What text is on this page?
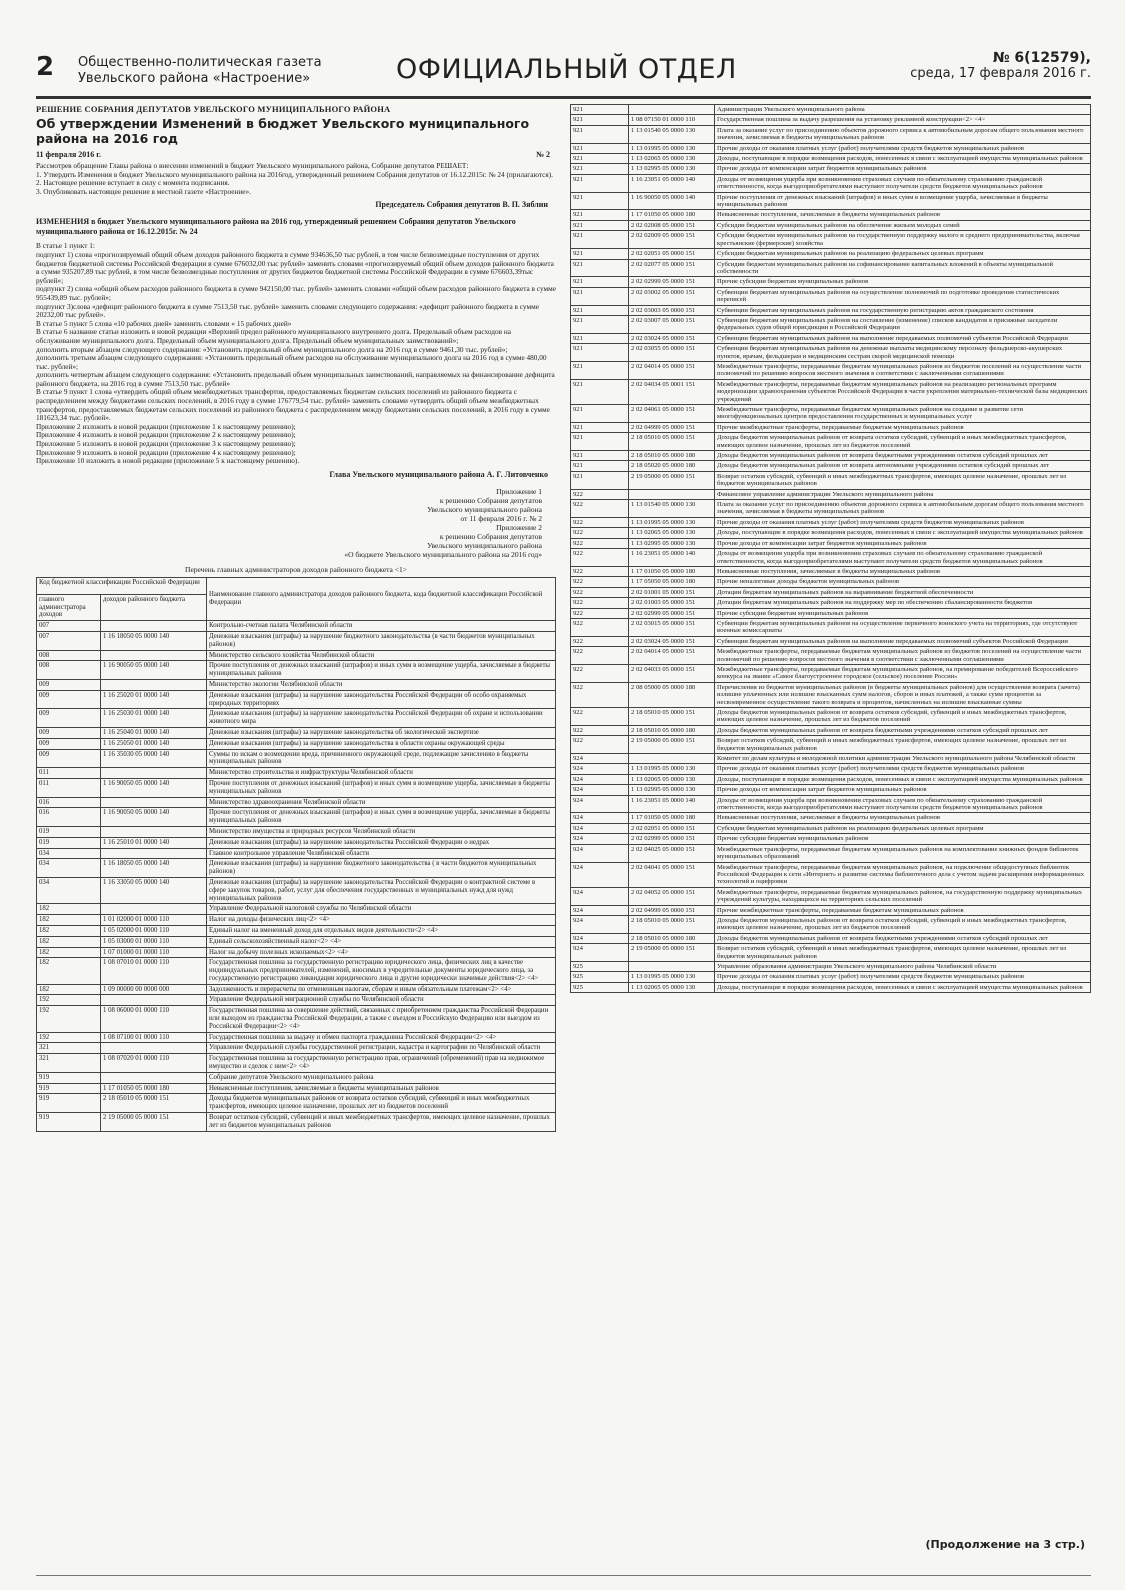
2 Общественно-политическая газета
Увельского района «Настроение»	ОФИЦИАЛЬНЫЙ ОТДЕЛ	№ 6(12579),
среда, 17 февраля 2016 г.
РЕШЕНИЕ СОБРАНИЯ ДЕПУТАТОВ УВЕЛЬСКОГО МУНИЦИПАЛЬНОГО РАЙОНА
Об утверждении Изменений в бюджет Увельского муниципального района на 2016 год
11 февраля 2016 г.	№ 2

Рассмотрев обращение Главы района о внесении изменений в бюджет Увельского муниципального района, Собрание депутатов РЕШАЕТ:

1. Утвердить Изменения в бюджет Увельского муниципального района на 2016год, утвержденный решением Собрания депутатов от 16.12.2015г. № 24 (прилагаются).

2. Настоящее решение вступает в силу с момента подписания.

3. Опубликовать настоящее решение в местной газете «Настроение».

Председатель Собрания депутатов В. П. Зяблин
ИЗМЕНЕНИЯ в бюджет Увельского муниципального района на 2016 год, утвержденный решением Собрания депутатов Увельского муниципального района от 16.12.2015г. № 24

В статье 1 пункт 1:

подпункт 1) слова «прогнозируемый общий объем доходов районного бюджета в сумме 934636,50 тыс рублей, в том числе безвозмездные поступления от других бюджетов бюджетной системы Российской Федерации в сумме 676032,00 тыс рублей» заменить словами «прогнозируемый общий объем доходов районного бюджета в сумме 935207,89 тыс рублей, в том числе безвозмездные поступления от других бюджетов бюджетной системы Российской Федерации в сумме 676603,39тыс рублей»;

подпункт 2) слова «общий объем расходов районного бюджета в сумме 942150,00 тыс. рублей» заменить словами «общий объем расходов районного бюджета в сумме 955439,89 тыс. рублей»;

подпункт 3)слова «дефицит районного бюджета в сумме 7513,50 тыс. рублей» заменить словами следующего содержания: «дефицит районного бюджета в сумме 20232,00 тыс рублей».

В статье 5 пункт 5 слова «10 рабочих дней» заменить словами « 15 рабочих дней»

В статье 6 название статьи изложить в новой редакции «Верхний предел районного муниципального внутреннего долга. Предельный объем расходов на обслуживание муниципального долга. Предельный объем муниципального долга. Предельный объем муниципальных заимствований»;

дополнить вторым абзацем следующего содержания: «Установить предельный объем муниципального долга на 2016 год в сумме 9461,30 тыс. рублей»;

дополнить третьим абзацем следующего содержания: «Установить предельный объем расходов на обслуживание муниципального долга на 2016 год в сумме 480,00 тыс. рублей»;

дополнить четвертым абзацем следующего содержания: «Установить предельный объем муниципальных заимствований, направляемых на финансирование дефицита районного бюджета, на 2016 год в сумме 7513,50 тыс. рублей»

В статье 9 пункт 1 слова «утвердить общий объем межбюджетных трансфертов, предоставляемых бюджетам сельских поселений из районного бюджета с распределением между бюджетами сельских поселений, в 2016 году в сумме 176779,54 тыс. рублей» заменить словами «утвердить общий объем межбюджетных трансфертов, предоставляемых бюджетам сельских поселений из районного бюджета с распределением между бюджетами сельских поселений, в 2016 году в сумме 181623,34 тыс. рублей».

Приложение 2 изложить в новой редакции (приложение 1 к настоящему решению);

Приложение 4 изложить в новой редакции (приложение 2 к настоящему решению);

Приложение 5 изложить в новой редакции (приложение 3 к настоящему решению);

Приложение 9 изложить в новой редакции (приложение 4 к настоящему решению);

Приложение 10 изложить в новой редакции (приложение 5 к настоящему решению).

Глава Увельского муниципального района А. Г. Литовченко
Приложение 1
к решению Собрания депутатов
Увельского муниципального района
от 11 февраля 2016 г. № 2
Приложение 2
к решению Собрания депутатов
Увельского муниципального района
«О бюджете Увельского муниципального района на 2016 год»
Перечень главных администраторов доходов районного бюджета <1>
Код бюджетной классификации Российской Федерации		Наименование главного администратора доходов районного бюджета, кода бюджетной классификации Российской Федерации
главного администратора доходов	доходов районного бюджета	
007		Контрольно-счетная палата Челябинской области
007	1 16 18050 05 0000 140	Денежные взыскания (штрафы) за нарушение бюджетного законодательства (в части бюджетов муниципальных районов)
008		Министерство сельского хозяйства Челябинской области
008	1 16 90050 05 0000 140	Прочие поступления от денежных взысканий (штрафов) и иных сумм в возмещение ущерба, зачисляемые в бюджеты муниципальных районов
009		Министерство экологии Челябинской области
009	1 16 25020 01 0000 140	Денежные взыскания (штрафы) за нарушение законодательства Российской Федерации об особо охраняемых природных территориях
009	1 16 25030 01 0000 140	Денежные взыскания (штрафы) за нарушение законодательства Российской Федерации об охране и использовании животного мира
009	1 16 25040 01 0000 140	Денежные взыскания (штрафы) за нарушение законодательства об экологической экспертизе
009	1 16 25050 01 0000 140	Денежные взыскания (штрафы) за нарушение законодательства в области охраны окружающей среды
009	1 16 35030 05 0000 140	Суммы по искам о возмещении вреда, причиненного окружающей среде, подлежащие зачислению в бюджеты муниципальных районов
011		Министерство строительства и инфраструктуры Челябинской области
011	1 16 90050 05 0000 140	Прочие поступления от денежных взысканий (штрафов) и иных сумм в возмещение ущерба, зачисляемые в бюджеты муниципальных районов
016		Министерство здравоохранения Челябинской области
016	1 16 90050 05 0000 140	Прочие поступления от денежных взысканий (штрафов) и иных сумм в возмещение ущерба, зачисляемые в бюджеты муниципальных районов
019		Министерство имущества и природных ресурсов Челябинской области
019	1 16 25010 01 0000 140	Денежные взыскания (штрафы) за нарушение законодательства Российской Федерации о недрах
034		Главное контрольное управление Челябинской области
034	1 16 18050 05 0000 140	Денежные взыскания (штрафы) за нарушение бюджетного законодательства ( в части бюджетов муниципальных районов)
034	1 16 33050 05 0000 140	Денежные взыскания (штрафы) за нарушение законодательства Российской Федерации о контрактной системе в сфере закупок товаров, работ, услуг для обеспечения государственных и муниципальных нужд для нужд муниципальных районов
182		Управление Федеральной налоговой службы по Челябинской области
182	1 01 02000 01 0000 110	Налог на доходы физических лиц<2> <4>
182	1 05 02000 01 0000 110	Единый налог на вмененный доход для отдельных видов деятельности<2> <4>
182	1 05 03000 01 0000 110	Единый сельскохозяйственный налог<2> <4>
182	1 07 01000 01 0000 110	Налог на добычу полезных ископаемых<2> <4>
182	1 08 07010 01 0000 110	Государственная пошлина за государственную регистрацию юридического лица, физических лиц в качестве индивидуальных предпринимателей, изменений, вносимых в учредительные документы юридического лица, за государственную регистрацию ликвидации юридического лица и другие юридически значимые действия<2> <4>
182	1 09 00000 00 0000 000	Задолженность и перерасчеты по отмененным налогам, сборам и иным обязательным платежам<2> <4>
192		Управление Федеральной миграционной службы по Челябинской области
192	1 08 06000 01 0000 110	Государственная пошлина за совершение действий, связанных с приобретением гражданства Российской Федерации или выходом из гражданства Российской Федерации, а также с въездом в Российскую Федерацию или выездом из Российской Федерации<2> <4>
192	1 08 07100 01 0000 110	Государственная пошлина за выдачу и обмен паспорта гражданина Российской Федерации<2> <4>
321		Управление Федеральной службы государственной регистрации, кадастра и картографии по Челябинской области
321	1 08 07020 01 0000 110	Государственная пошлина за государственную регистрацию прав, ограничений (обременений) прав на недвижимое имущество и сделок с ним<2> <4>
919		Собрание депутатов Увельского муниципального района
919	1 17 01050 05 0000 180	Невыясненные поступления, зачисляемые в бюджеты муниципальных районов
919	2 18 05010 05 0000 151	Доходы бюджетов муниципальных районов от возврата остатков субсидий, субвенций и иных межбюджетных трансфертов, имеющих целевое назначение, прошлых лет из бюджетов поселений
919	2 19 05000 05 0000 151	Возврат остатков субсидий, субвенций и иных межбюджетных трансфертов, имеющих целевое назначение, прошлых лет из бюджетов муниципальных районов
921		Администрация Увельского муниципального района
921	1 08 07150 01 0000 110	Государственная пошлина за выдачу разрешения на установку рекламной конструкции<2> <4>
921	1 13 01540 05 0000 130	Плата за оказание услуг по присоединению объектов дорожного сервиса к автомобильным дорогам общего пользования местного значения, зачисляемая в бюджеты муниципальных районов
921	1 13 01995 05 0000 130	Прочие доходы от оказания платных услуг (работ) получателями средств бюджетов муниципальных районов
921	1 13 02065 05 0000 130	Доходы, поступающие в порядке возмещения расходов, понесенных в связи с эксплуатацией имущества муниципальных районов
921	1 13 02995 05 0000 130	Прочие доходы от компенсации затрат бюджетов муниципальных районов
921	1 16 23051 05 0000 140	Доходы от возмещения ущерба при возникновении страховых случаев по обязательному страхованию гражданской ответственности, когда выгодоприобретателями выступают получатели средств бюджетов муниципальных районов
921	1 16 90050 05 0000 140	Прочие поступления от денежных взысканий (штрафов) и иных сумм в возмещение ущерба, зачисляемые в бюджеты муниципальных районов
921	1 17 01050 05 0000 180	Невыясненные поступления, зачисляемые в бюджеты муниципальных районов
921	2 02 02008 05 0000 151	Субсидии бюджетам муниципальных районов на обеспечение жильем молодых семей
921	2 02 02009 05 0000 151	Субсидии бюджетам муниципальных районов на государственную поддержку малого и среднего предпринимательства, включая крестьянские (фермерские) хозяйства
921	2 02 02051 05 0000 151	Субсидии бюджетам муниципальных районов на реализацию федеральных целевых программ
921	2 02 02077 05 0000 151	Субсидии бюджетам муниципальных районов на софинансирование капитальных вложений в объекты муниципальной собственности
921	2 02 02999 05 0000 151	Прочие субсидии бюджетам муниципальных районов
921	2 02 03002 05 0000 151	Субвенции бюджетам муниципальных районов на осуществление полномочий по подготовке проведения статистических переписей
921	2 02 03003 05 0000 151	Субвенции бюджетам муниципальных районов на государственную регистрацию актов гражданского состояния
921	2 02 03007 05 0000 151	Субвенции бюджетам муниципальных районов на составление (изменение) списков кандидатов в присяжные заседатели федеральных судов общей юрисдикции в Российской Федерации
921	2 02 03024 05 0000 151	Субвенции бюджетам муниципальных районов на выполнение передаваемых полномочий субъектов Российской Федерации
921	2 02 03055 05 0000 151	Субвенции бюджетам муниципальных районов на денежные выплаты медицинскому персоналу фельдшерско-акушерских пунктов, врачам, фельдшерам и медицинским сестрам скорой медицинской помощи
921	2 02 04014 05 0000 151	Межбюджетные трансферты, передаваемые бюджетам муниципальных районов из бюджетов поселений на осуществление части полномочий по решению вопросов местного значения в соответствии с заключенными соглашениями
921	2 02 04034 05 0001 151	Межбюджетные трансферты, передаваемые бюджетам муниципальных районов на реализацию региональных программ модернизации здравоохранения субъектов Российской Федерации в части укрепления материально-технической базы медицинских учреждений
921	2 02 04061 05 0000 151	Межбюджетные трансферты, передаваемые бюджетам муниципальных районов на создание и развитие сети многофункциональных центров предоставления государственных и муниципальных услуг
921	2 02 04999 05 0000 151	Прочие межбюджетные трансферты, передаваемые бюджетам муниципальных районов
921	2 18 05010 05 0000 151	Доходы бюджетов муниципальных районов от возврата остатков субсидий, субвенций и иных межбюджетных трансфертов, имеющих целевое назначение, прошлых лет из бюджетов поселений
921	2 18 05010 05 0000 180	Доходы бюджетов муниципальных районов от возврата бюджетными учреждениями остатков субсидий прошлых лет
921	2 18 05020 05 0000 180	Доходы бюджетов муниципальных районов от возврата автономными учреждениями остатков субсидий прошлых лет
921	2 19 05000 05 0000 151	Возврат остатков субсидий, субвенций и иных межбюджетных трансфертов, имеющих целевое назначение, прошлых лет из бюджетов муниципальных районов
922		Финансовое управление администрации Увельского муниципального района
922	1 13 01540 05 0000 130	Плата за оказание услуг по присоединению объектов дорожного сервиса к автомобильным дорогам общего пользования местного значения, зачисляемая в бюджеты муниципальных районов
922	1 13 01995 05 0000 130	Прочие доходы от оказания платных услуг (работ) получателями средств бюджетов муниципальных районов
922	1 13 02065 05 0000 130	Доходы, поступающие в порядке возмещения расходов, понесенных в связи с эксплуатацией имущества муниципальных районов
922	1 13 02995 05 0000 130	Прочие доходы от компенсации затрат бюджетов муниципальных районов
922	1 16 23051 05 0000 140	Доходы от возмещения ущерба при возникновении страховых случаев по обязательному страхованию гражданской ответственности, когда выгодоприобретателями выступают получатели средств бюджетов муниципальных районов
922	1 17 01050 05 0000 180	Невыясненные поступления, зачисляемые в бюджеты муниципальных районов
922	1 17 05050 05 0000 180	Прочие неналоговые доходы бюджетов муниципальных районов
922	2 02 01001 05 0000 151	Дотации бюджетам муниципальных районов на выравнивание бюджетной обеспеченности
922	2 02 01003 05 0000 151	Дотации бюджетам муниципальных районов на поддержку мер по обеспечению сбалансированности бюджетов
922	2 02 02999 05 0000 151	Прочие субсидии бюджетам муниципальных районов
922	2 02 03015 05 0000 151	Субвенции бюджетам муниципальных районов на осуществление первичного воинского учета на территориях, где отсутствуют военные комиссариаты
922	2 02 03024 05 0000 151	Субвенции бюджетам муниципальных районов на выполнение передаваемых полномочий субъектов Российской Федерации
922	2 02 04014 05 0000 151	Межбюджетные трансферты, передаваемые бюджетам муниципальных районов из бюджетов поселений на осуществление части полномочий по решению вопросов местного значения в соответствии с заключенными соглашениями
922	2 02 04033 05 0000 151	Межбюджетные трансферты, передаваемые бюджетам муниципальных районов, на премирование победителей Всероссийского конкурса на звание «Самое благоустроенное городское (сельское) поселение России»
922	2 08 05000 05 0000 180	Перечисления из бюджетов муниципальных районов (в бюджеты муниципальных районов) для осуществления возврата (зачета) излишне уплаченных или излишне взысканных сумм налогов, сборов и иных платежей, а также сумм процентов за несвоевременное осуществление такого возврата и процентов, начисленных на излишне взысканные суммы
922	2 18 05010 05 0000 151	Доходы бюджетов муниципальных районов от возврата остатков субсидий, субвенций и иных межбюджетных трансфертов, имеющих целевое назначение, прошлых лет из бюджетов поселений
922	2 18 05010 05 0000 180	Доходы бюджетов муниципальных районов от возврата бюджетными учреждениями остатков субсидий прошлых лет
922	2 19 05000 05 0000 151	Возврат остатков субсидий, субвенций и иных межбюджетных трансфертов, имеющих целевое назначение, прошлых лет из бюджетов муниципальных районов
924		Комитет по делам культуры и молодежной политики администрации Увельского муниципального района Челябинской области
924	1 13 01995 05 0000 130	Прочие доходы от оказания платных услуг (работ) получателями средств бюджетов муниципальных районов
924	1 13 02065 05 0000 130	Доходы, поступающие в порядке возмещения расходов, понесенных в связи с эксплуатацией имущества муниципальных районов
924	1 13 02995 05 0000 130	Прочие доходы от компенсации затрат бюджетов муниципальных районов
924	1 16 23051 05 0000 140	Доходы от возмещения ущерба при возникновении страховых случаев по обязательному страхованию гражданской ответственности, когда выгодоприобретателями выступают получатели средств бюджетов муниципальных районов
924	1 17 01050 05 0000 180	Невыясненные поступления, зачисляемые в бюджеты муниципальных районов
924	2 02 02051 05 0000 151	Субсидии бюджетам муниципальных районов на реализацию федеральных целевых программ
924	2 02 02999 05 0000 151	Прочие субсидии бюджетам муниципальных районов
924	2 02 04025 05 0000 151	Межбюджетные трансферты, передаваемые бюджетам муниципальных районов на комплектование книжных фондов библиотек муниципальных образований
924	2 02 04041 05 0000 151	Межбюджетные трансферты, передаваемые бюджетам муниципальных районов, на подключение общедоступных библиотек Российской Федерации к сети «Интернет» и развитие системы библиотечного дела с учетом задачи расширения информационных технологий и оцифровки
924	2 02 04052 05 0000 151	Межбюджетные трансферты, передаваемые бюджетам муниципальных районов, на государственную поддержку муниципальных учреждений культуры, находящихся на территориях сельских поселений
924	2 02 04999 05 0000 151	Прочие межбюджетные трансферты, передаваемые бюджетам муниципальных районов
924	2 18 05010 05 0000 151	Доходы бюджетов муниципальных районов от возврата остатков субсидий, субвенций и иных межбюджетных трансфертов, имеющих целевое назначение, прошлых лет из бюджетов поселений
924	2 18 05010 05 0000 180	Доходы бюджетов муниципальных районов от возврата бюджетными учреждениями остатков субсидий прошлых лет
924	2 19 05000 05 0000 151	Возврат остатков субсидий, субвенций и иных межбюджетных трансфертов, имеющих целевое назначение, прошлых лет из бюджетов муниципальных районов
925		Управление образования администрации Увельского муниципального района Челябинской области
925	1 13 01995 05 0000 130	Прочие доходы от оказания платных услуг (работ) получателями средств бюджетов муниципальных районов
925	1 13 02065 05 0000 130	Доходы, поступающие в порядке возмещения расходов, понесенных в связи с эксплуатацией имущества муниципальных районов
(Продолжение на 3 стр.)
